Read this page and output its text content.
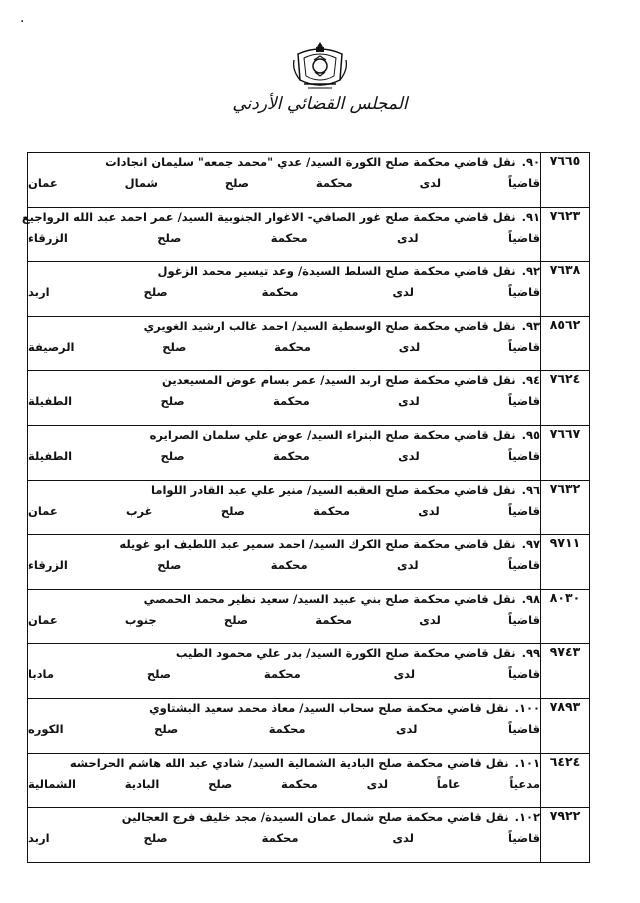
.
المجلس القضائي الأردني
٧٦٦٥	٩٠.
نقل قاضي محكمة صلح الكورة السيد/ عدي "محمد جمعه" سليمان انجادات
قاضياً لدى محكمة صلح شمال عمان

٧٦٢٣	٩١.
نقل قاضي محكمة صلح غور الصافي- الاغوار الجنوبية السيد/ عمر احمد عبد الله الرواجيع
قاضياً لدى محكمة صلح الزرقاء

٧٦٣٨	٩٢.
نقل قاضي محكمة صلح السلط السيدة/ وعد تيسير محمد الزغول
قاضياً لدى محكمة صلح اربد

٨٥٦٢	٩٣.
نقل قاضي محكمة صلح الوسطية السيد/ احمد غالب ارشيد الغويري
قاضياً لدى محكمة صلح الرصيفة

٧٦٢٤	٩٤.
نقل قاضي محكمة صلح اربد السيد/ عمر بسام عوض المسيعدين
قاضياً لدى محكمة صلح الطفيلة

٧٦٦٧	٩٥.
نقل قاضي محكمة صلح البتراء السيد/ عوض علي سلمان الصرايره
قاضياً لدى محكمة صلح الطفيلة

٧٦٣٢	٩٦.
نقل قاضي محكمة صلح العقبه السيد/ منير علي عبد القادر اللواما
قاضياً لدى محكمة صلح غرب عمان

٩٧١١	٩٧.
نقل قاضي محكمة صلح الكرك السيد/ احمد سمير عبد اللطيف ابو غويله
قاضياً لدى محكمة صلح الزرقاء

٨٠٣٠	٩٨.
نقل قاضي محكمة صلح بني عبيد السيد/ سعيد نظير محمد الحمصي
قاضياً لدى محكمة صلح جنوب عمان

٩٧٤٣	٩٩.
نقل قاضي محكمة صلح الكورة السيد/ بدر علي محمود الطيب
قاضياً لدى محكمة صلح مادبا

٧٨٩٣	١٠٠.
نقل قاضي محكمة صلح سحاب السيد/ معاذ محمد سعيد البشتاوي
قاضياً لدى محكمة صلح الكوره

٦٤٢٤	١٠١.
نقل قاضي محكمة صلح البادية الشمالية السيد/ شادي عبد الله هاشم الحراحشه
مدعياً عاماً لدى محكمة صلح البادية الشمالية

٧٩٢٢	١٠٢.
نقل قاضي محكمة صلح شمال عمان السيدة/ مجد خليف فرج العجالين
قاضياً لدى محكمة صلح اربد
